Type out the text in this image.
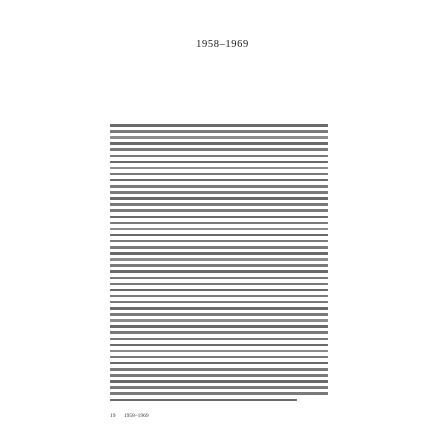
1958–1969
19 1958–1969
